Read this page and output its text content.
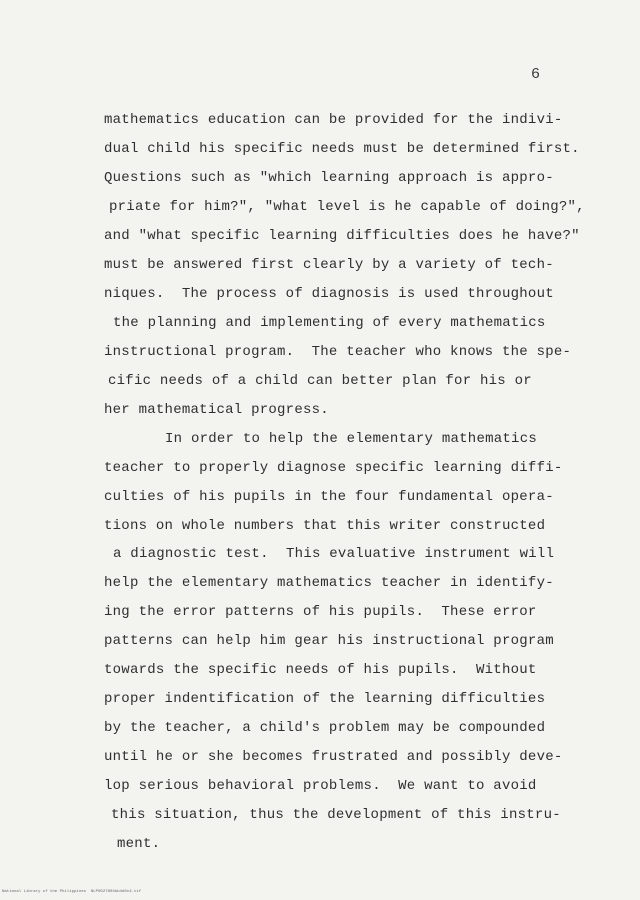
6
mathematics education can be provided for the indivi-
dual child his specific needs must be determined first.
Questions such as "which learning approach is appro-
priate for him?", "what level is he capable of doing?",
and "what specific learning difficulties does he have?"
must be answered first clearly by a variety of tech-
niques.  The process of diagnosis is used throughout
the planning and implementing of every mathematics
instructional program.  The teacher who knows the spe-
cific needs of a child can better plan for his or
her mathematical progress.
In order to help the elementary mathematics
teacher to properly diagnose specific learning diffi-
culties of his pupils in the four fundamental opera-
tions on whole numbers that this writer constructed
a diagnostic test.  This evaluative instrument will
help the elementary mathematics teacher in identify-
ing the error patterns of his pupils.  These error
patterns can help him gear his instructional program
towards the specific needs of his pupils.  Without
proper indentification of the learning difficulties
by the teacher, a child's problem may be compounded
until he or she becomes frustrated and possibly deve-
lop serious behavioral problems.  We want to avoid
this situation, thus the development of this instru-
ment.
National Library of the Philippines  NLP0027804bb4d0c4.tif
